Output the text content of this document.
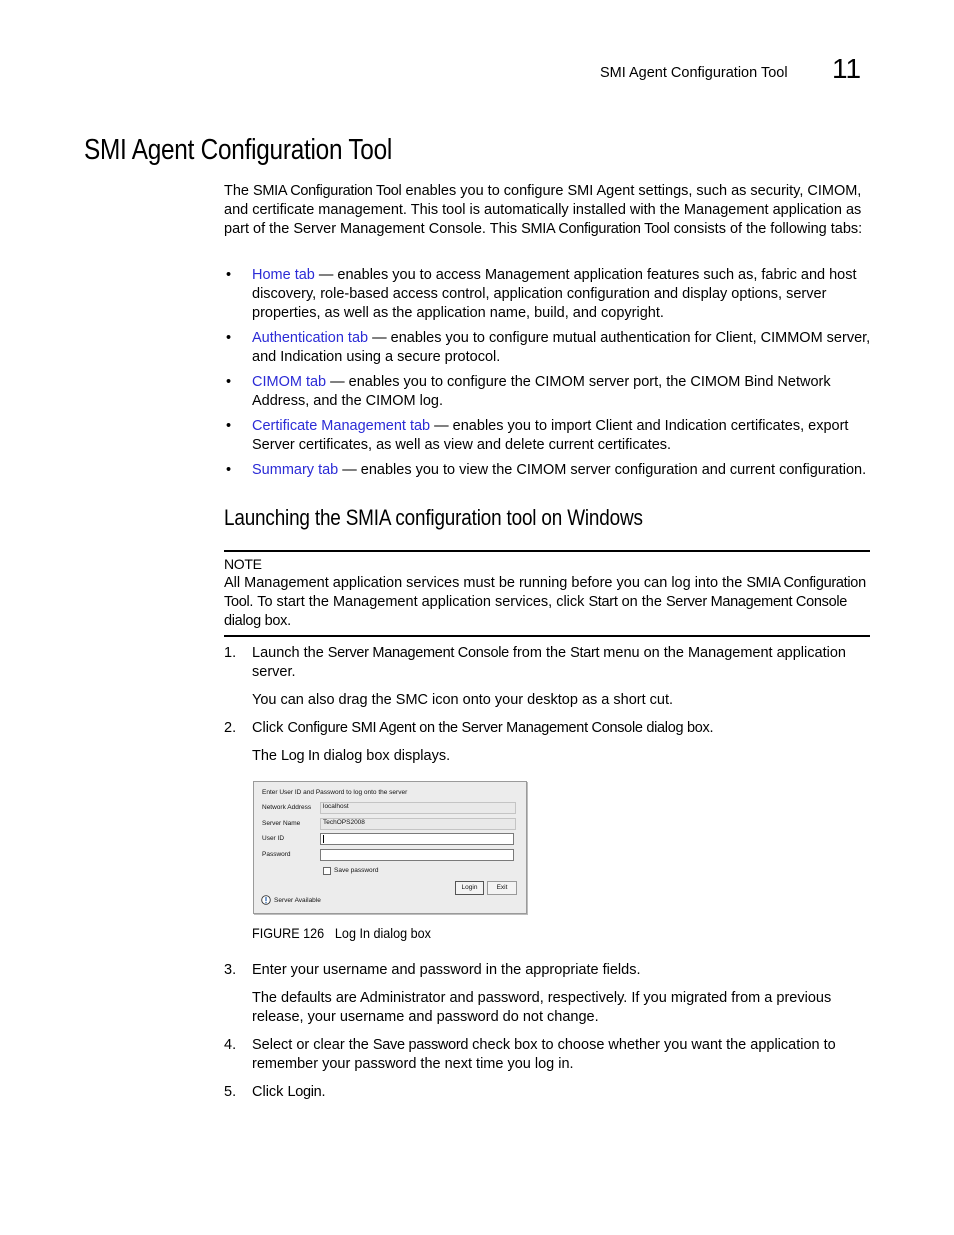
SMI Agent Configuration Tool 11
SMI Agent Configuration Tool
The SMIA Configuration Tool enables you to configure SMI Agent settings, such as security, CIMOM, and certificate management. This tool is automatically installed with the Management application as part of the Server Management Console. This SMIA Configuration Tool consists of the following tabs:
• Home tab — enables you to access Management application features such as, fabric and host discovery, role-based access control, application configuration and display options, server properties, as well as the application name, build, and copyright.
• Authentication tab — enables you to configure mutual authentication for Client, CIMMOM server, and Indication using a secure protocol.
• CIMOM tab — enables you to configure the CIMOM server port, the CIMOM Bind Network Address, and the CIMOM log.
• Certificate Management tab — enables you to import Client and Indication certificates, export Server certificates, as well as view and delete current certificates.
• Summary tab — enables you to view the CIMOM server configuration and current configuration.
Launching the SMIA configuration tool on Windows
NOTE
All Management application services must be running before you can log into the SMIA Configuration Tool. To start the Management application services, click Start on the Server Management Console dialog box.
1. Launch the Server Management Console from the Start menu on the Management application server.
You can also drag the SMC icon onto your desktop as a short cut.
2. Click Configure SMI Agent on the Server Management Console dialog box.
The Log In dialog box displays.
Enter User ID and Password to log onto the server
Network Address	localhost
Server Name	TechOPS2008
User ID
Password
Save password
Login	Exit
Server Available
FIGURE 126 Log In dialog box
3. Enter your username and password in the appropriate fields.
The defaults are Administrator and password, respectively. If you migrated from a previous release, your username and password do not change.
4. Select or clear the Save password check box to choose whether you want the application to remember your password the next time you log in.
5. Click Login.
